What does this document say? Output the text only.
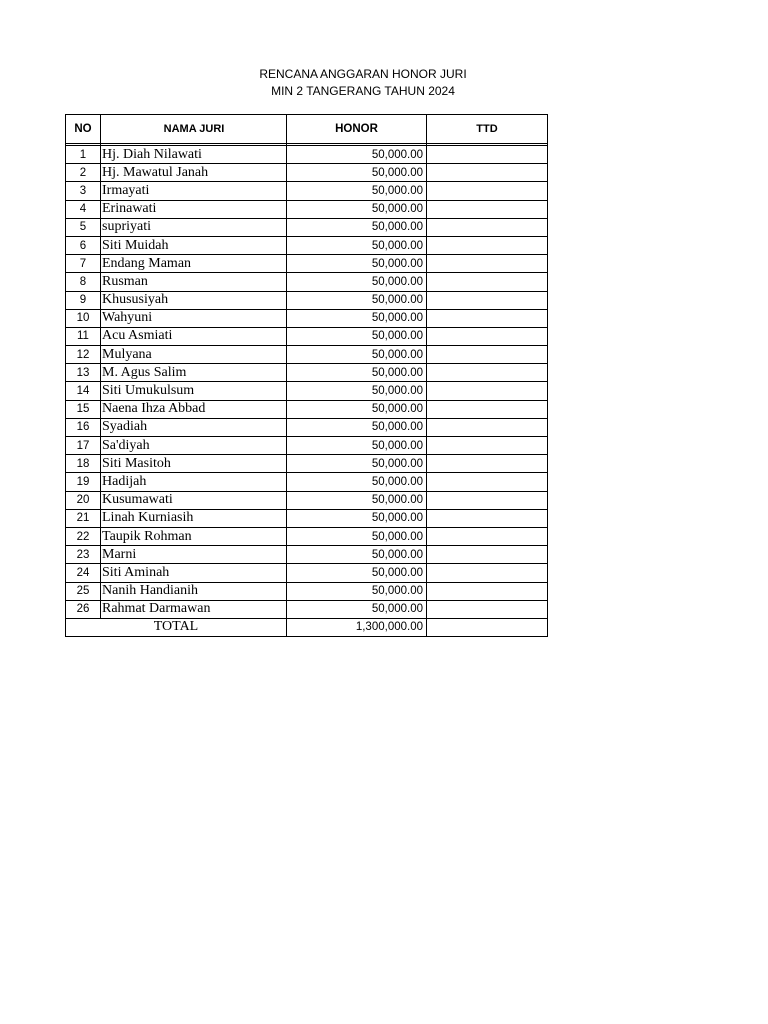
RENCANA ANGGARAN HONOR JURI
MIN 2 TANGERANG TAHUN 2024
NO	NAMA JURI	HONOR	TTD

1	Hj. Diah Nilawati	50,000.00	
2	Hj. Mawatul Janah	50,000.00	
3	Irmayati	50,000.00	
4	Erinawati	50,000.00	
5	supriyati	50,000.00	
6	Siti Muidah	50,000.00	
7	Endang Maman	50,000.00	
8	Rusman	50,000.00	
9	Khususiyah	50,000.00	
10	Wahyuni	50,000.00	
11	Acu Asmiati	50,000.00	
12	Mulyana	50,000.00	
13	M. Agus Salim	50,000.00	
14	Siti Umukulsum	50,000.00	
15	Naena Ihza Abbad	50,000.00	
16	Syadiah	50,000.00	
17	Sa'diyah	50,000.00	
18	Siti Masitoh	50,000.00	
19	Hadijah	50,000.00	
20	Kusumawati	50,000.00	
21	Linah Kurniasih	50,000.00	
22	Taupik Rohman	50,000.00	
23	Marni	50,000.00	
24	Siti Aminah	50,000.00	
25	Nanih Handianih	50,000.00	
26	Rahmat Darmawan	50,000.00	
TOTAL		1,300,000.00	
